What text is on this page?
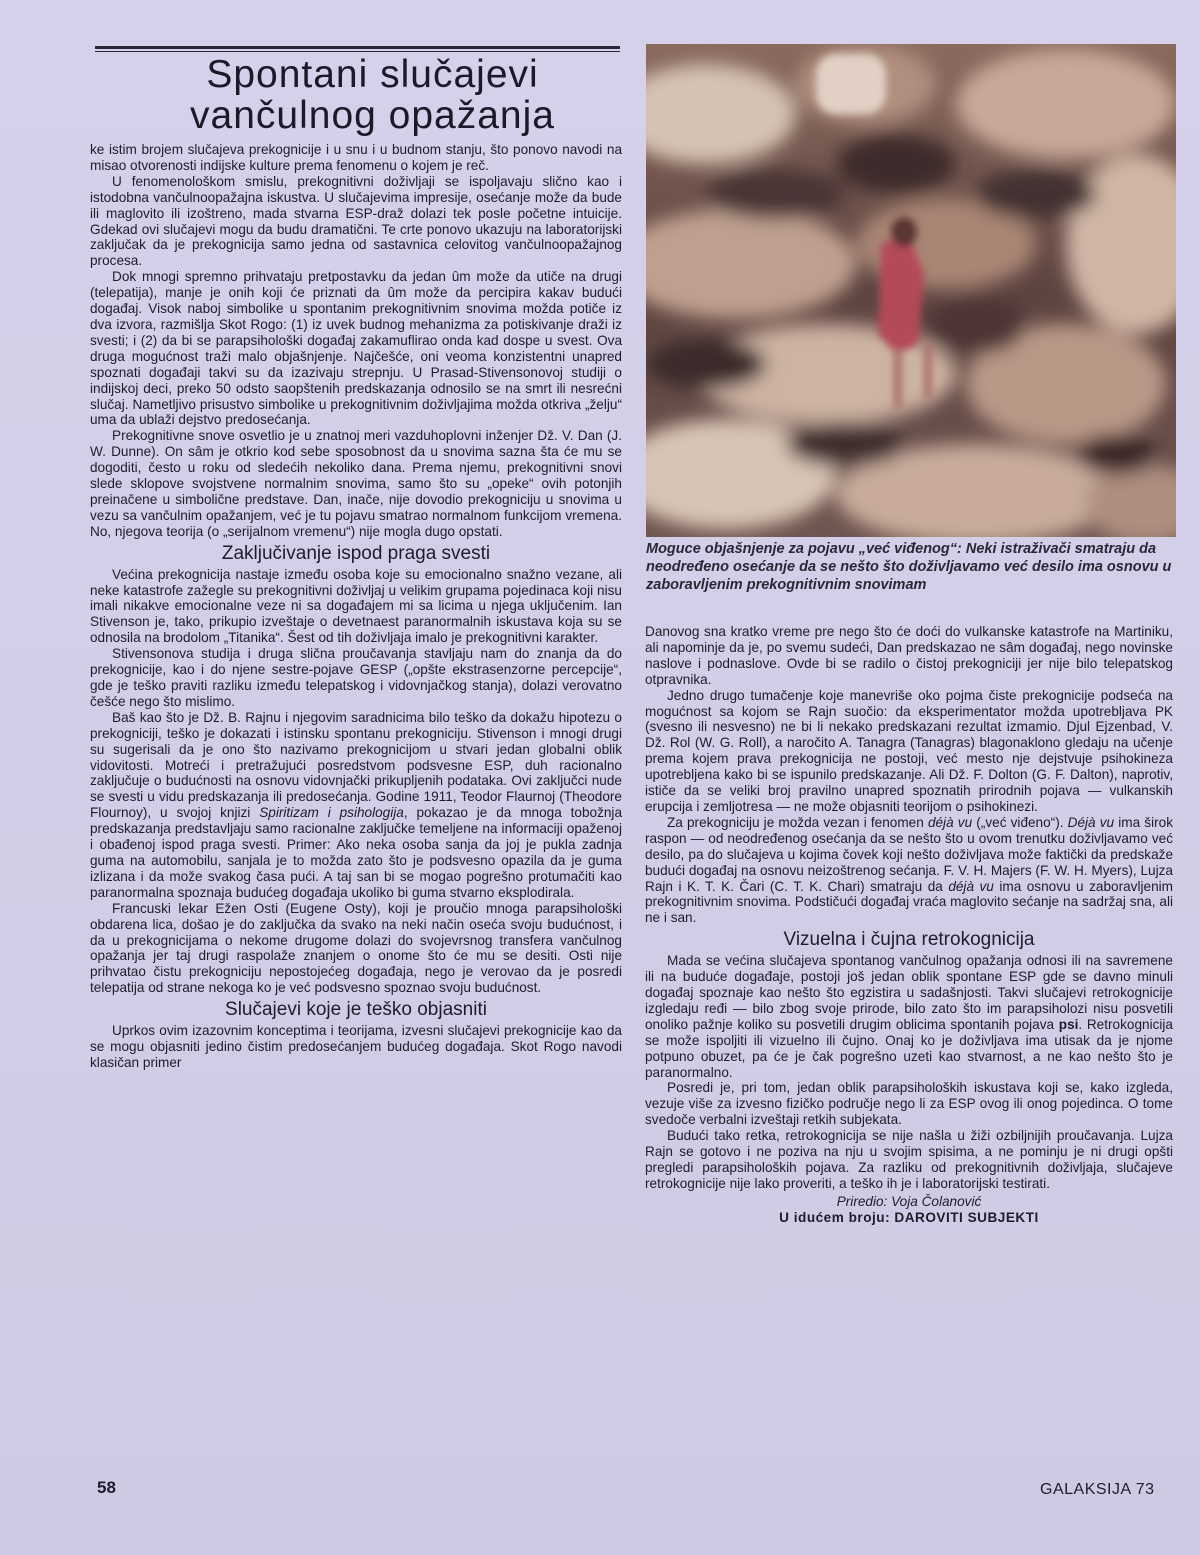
Spontani slučajevi
vančulnog opažanja

ke istim brojem slučajeva prekognicije i u snu i u budnom stanju, što ponovo navodi na misao otvorenosti indijske kulture prema fenomenu o kojem je reč.

U fenomenološkom smislu, prekognitivni doživljaji se ispoljavaju slično kao i istodobna vančulnoopažajna iskustva. U slučajevima impresije, osećanje može da bude ili maglovito ili izoštreno, mada stvarna ESP-draž dolazi tek posle početne intuicije. Gdekad ovi slučajevi mogu da budu dramatični. Te crte ponovo ukazuju na laboratorijski zaključak da je prekognicija samo jedna od sastavnica celovitog vančulnoopažajnog procesa.

Dok mnogi spremno prihvataju pretpostavku da jedan ûm može da utiče na drugi (telepatija), manje je onih koji će priznati da ûm može da percipira kakav budući događaj. Visok naboj simbolike u spontanim prekognitivnim snovima možda potiče iz dva izvora, razmišlja Skot Rogo: (1) iz uvek budnog mehanizma za potiskivanje draži iz svesti; i (2) da bi se parapsihološki događaj zakamuflirao onda kad dospe u svest. Ova druga mogućnost traži malo objašnjenje. Najčešće, oni veoma konzistentni unapred spoznati događaji takvi su da izazivaju strepnju. U Prasad-Stivensonovoj studiji o indijskoj deci, preko 50 odsto saopštenih predskazanja odnosilo se na smrt ili nesrećni slučaj. Nametljivo prisustvo simbolike u prekognitivnim doživljajima možda otkriva „želju“ uma da ublaži dejstvo predosećanja.

Prekognitivne snove osvetlio je u znatnoj meri vazduhoplovni inženjer Dž. V. Dan (J. W. Dunne). On sâm je otkrio kod sebe sposobnost da u snovima sazna šta će mu se dogoditi, često u roku od sledećih nekoliko dana. Prema njemu, prekognitivni snovi slede sklopove svojstvene normalnim snovima, samo što su „opeke“ ovih potonjih preinačene u simbolične predstave. Dan, inače, nije dovodio prekogniciju u snovima u vezu sa vančulnim opažanjem, već je tu pojavu smatrao normalnom funkcijom vremena. No, njegova teorija (o „serijalnom vremenu“) nije mogla dugo opstati.

Zaključivanje ispod praga svesti

Većina prekognicija nastaje između osoba koje su emocionalno snažno vezane, ali neke katastrofe zažegle su prekognitivni doživljaj u velikim grupama pojedinaca koji nisu imali nikakve emocionalne veze ni sa događajem mi sa licima u njega uključenim. Ian Stivenson je, tako, prikupio izveštaje o devetnaest paranormalnih iskustava koja su se odnosila na brodolom „Titanika“. Šest od tih doživljaja imalo je prekognitivni karakter.

Stivensonova studija i druga slična proučavanja stavljaju nam do znanja da do prekognicije, kao i do njene sestre-pojave GESP („opšte ekstrasenzorne percepcije“, gde je teško praviti razliku između telepatskog i vidovnjačkog stanja), dolazi verovatno češće nego što mislimo.

Baš kao što je Dž. B. Rajnu i njegovim saradnicima bilo teško da dokažu hipotezu o prekogniciji, teško je dokazati i istinsku spontanu prekogniciju. Stivenson i mnogi drugi su sugerisali da je ono što nazivamo prekognicijom u stvari jedan globalni oblik vidovitosti. Motreći i pretražujući posredstvom podsvesne ESP, duh racionalno zaključuje o budućnosti na osnovu vidovnjački prikupljenih podataka. Ovi zaključci nude se svesti u vidu predskazanja ili predosećanja. Godine 1911, Teodor Flaurnoj (Theodore Flournoy), u svojoj knjizi Spiritizam i psihologija, pokazao je da mnoga tobožnja predskazanja predstavljaju samo racionalne zaključke temeljene na informaciji opaženoj i obađenoj ispod praga svesti. Primer: Ako neka osoba sanja da joj je pukla zadnja guma na automobilu, sanjala je to možda zato što je podsvesno opazila da je guma izlizana i da može svakog časa pući. A taj san bi se mogao pogrešno protumačiti kao paranormalna spoznaja budućeg događaja ukoliko bi guma stvarno eksplodirala.

Francuski lekar Ežen Osti (Eugene Osty), koji je proučio mnoga parapsihološki obdarena lica, došao je do zaključka da svako na neki način oseća svoju budućnost, i da u prekognicijama o nekome drugome dolazi do svojevrsnog transfera vančulnog opažanja jer taj drugi raspolaže znanjem o onome što će mu se desiti. Osti nije prihvatao čistu prekogniciju nepostojećeg događaja, nego je verovao da je posredi telepatija od strane nekoga ko je već podsvesno spoznao svoju budućnost.

Slučajevi koje je teško objasniti

Uprkos ovim izazovnim konceptima i teorijama, izvesni slučajevi prekognicije kao da se mogu objasniti jedino čistim predosećanjem budućeg događaja. Skot Rogo navodi klasičan primer

Moguce objašnjenje za pojavu „već viđenog“: Neki istraživači smatraju da neodređeno osećanje da se nešto što doživljavamo već desilo ima osnovu u zaboravljenim prekognitivnim snovimam

Danovog sna kratko vreme pre nego što će doći do vulkanske katastrofe na Martiniku, ali napominje da je, po svemu sudeći, Dan predskazao ne sâm događaj, nego novinske naslove i podnaslove. Ovde bi se radilo o čistoj prekogniciji jer nije bilo telepatskog otpravnika.

Jedno drugo tumačenje koje manevriše oko pojma čiste prekognicije podseća na mogućnost sa kojom se Rajn suočio: da eksperimentator možda upotrebljava PK (svesno ili nesvesno) ne bi li nekako predskazani rezultat izmamio. Djul Ejzenbad, V. Dž. Rol (W. G. Roll), a naročito A. Tanagra (Tanagras) blagonaklono gledaju na učenje prema kojem prava prekognicija ne postoji, već mesto nje dejstvuje psihokineza upotrebljena kako bi se ispunilo predskazanje. Ali Dž. F. Dolton (G. F. Dalton), naprotiv, ističe da se veliki broj pravilno unapred spoznatih prirodnih pojava — vulkanskih erupcija i zemljotresa — ne može objasniti teorijom o psihokinezi.

Za prekogniciju je možda vezan i fenomen déjà vu („već viđeno“). Déjà vu ima širok raspon — od neodređenog osećanja da se nešto što u ovom trenutku doživljavamo već desilo, pa do slučajeva u kojima čovek koji nešto doživljava može faktički da predskaže budući događaj na osnovu neizoštrenog sećanja. F. V. H. Majers (F. W. H. Myers), Lujza Rajn i K. T. K. Čari (C. T. K. Chari) smatraju da déjà vu ima osnovu u zaboravljenim prekognitivnim snovima. Podstičući događaj vraća maglovito sećanje na sadržaj sna, ali ne i san.

Vizuelna i čujna retrokognicija

Mada se većina slučajeva spontanog vančulnog opažanja odnosi ili na savremene ili na buduće događaje, postoji još jedan oblik spontane ESP gde se davno minuli događaj spoznaje kao nešto što egzistira u sadašnjosti. Takvi slučajevi retrokognicije izgledaju ređi — bilo zbog svoje prirode, bilo zato što im parapsiholozi nisu posvetili onoliko pažnje koliko su posvetili drugim oblicima spontanih pojava psi. Retrokognicija se može ispoljiti ili vizuelno ili čujno. Onaj ko je doživljava ima utisak da je njome potpuno obuzet, pa će je čak pogrešno uzeti kao stvarnost, a ne kao nešto što je paranormalno.

Posredi je, pri tom, jedan oblik parapsiholoških iskustava koji se, kako izgleda, vezuje više za izvesno fizičko područje nego li za ESP ovog ili onog pojedinca. O tome svedoče verbalni izveštaji retkih subjekata.

Budući tako retka, retrokognicija se nije našla u žiži ozbiljnijih proučavanja. Lujza Rajn se gotovo i ne poziva na nju u svojim spisima, a ne pominju je ni drugi opšti pregledi parapsiholoških pojava. Za razliku od prekognitivnih doživljaja, slučajeve retrokognicije nije lako proveriti, a teško ih je i laboratorijski testirati.

Priredio: Voja Čolanović
U idućem broju: DAROVITI SUBJEKTI
58	GALAKSIJA 73
